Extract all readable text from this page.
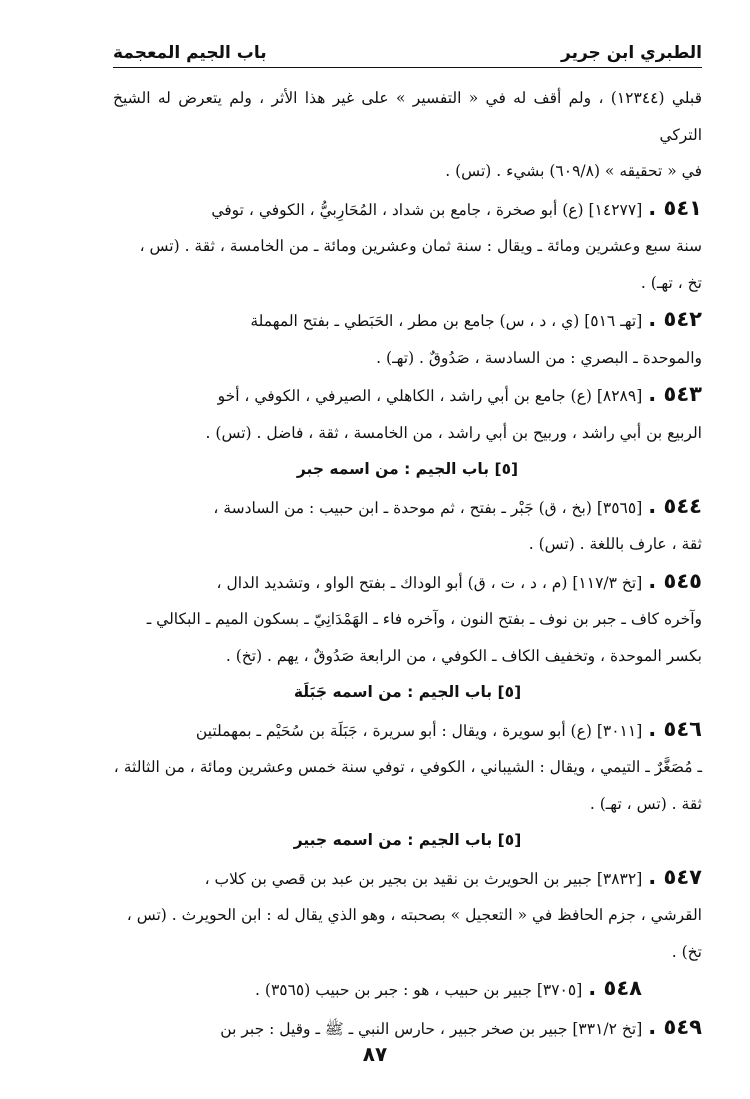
الطبري ابن جرير
باب الجيم المعجمة

قبلي (١٢٣٤٤) ، ولم أقف له في « التفسير » على غير هذا الأثر ، ولم يتعرض له الشيخ التركي

في « تحقيقه » (٦٠٩/٨) بشيء . (تس) .

٥٤١ .[١٤٢٧٧] (ع) أبو صخرة ، جامع بن شداد ، المُحَارِبيُّ ، الكوفي ، توفي

سنة سبع وعشرين ومائة ـ ويقال : سنة ثمان وعشرين ومائة ـ من الخامسة ، ثقة . (تس ،

تخ ، تهـ) .

٥٤٢ .[تهـ ٥١٦] (ي ، د ، س) جامع بن مطر ، الحَبَطي ـ بفتح المهملة

والموحدة ـ البصري : من السادسة ، صَدُوقٌ . (تهـ) .

٥٤٣ .[٨٢٨٩] (ع) جامع بن أبي راشد ، الكاهلي ، الصيرفي ، الكوفي ، أخو

الربيع بن أبي راشد ، وربيح بن أبي راشد ، من الخامسة ، ثقة ، فاضل . (تس) .

[٥] باب الجيم : من اسمه جبر

٥٤٤ .[٣٥٦٥] (بخ ، ق) جَبْر ـ بفتح ، ثم موحدة ـ ابن حبيب : من السادسة ،

ثقة ، عارف باللغة . (تس) .

٥٤٥ .[تخ ١١٧/٣] (م ، د ، ت ، ق) أبو الوداك ـ بفتح الواو ، وتشديد الدال ،

وآخره كاف ـ جبر بن نوف ـ بفتح النون ، وآخره فاء ـ الهَمْدَانِيّ ـ بسكون الميم ـ البكالي ـ

بكسر الموحدة ، وتخفيف الكاف ـ الكوفي ، من الرابعة صَدُوقٌ ، يهم . (تخ) .

[٥] باب الجيم : من اسمه جَبَلَة

٥٤٦ .[٣٠١١] (ع) أبو سويرة ، ويقال : أبو سريرة ، جَبَلَة بن سُحَيْم ـ بمهملتين

ـ مُصَغَّرٌ ـ التيمي ، ويقال : الشيباني ، الكوفي ، توفي سنة خمس وعشرين ومائة ، من الثالثة ،

ثقة . (تس ، تهـ) .

[٥] باب الجيم : من اسمه جبير

٥٤٧ .[٣٨٣٢] جبير بن الحويرث بن نقيد بن بجير بن عبد بن قصي بن كلاب ،

القرشي ، جزم الحافظ في « التعجيل » بصحبته ، وهو الذي يقال له : ابن الحويرث . (تس ،

تخ) .

٥٤٨ .[٣٧٠٥] جبير بن حبيب ، هو : جبر بن حبيب (٣٥٦٥) .

٥٤٩ .[تخ ٣٣١/٢] جبير بن صخر جبير ، حارس النبي ـ ﷺ ـ وقيل : جبر بن

٨٧
